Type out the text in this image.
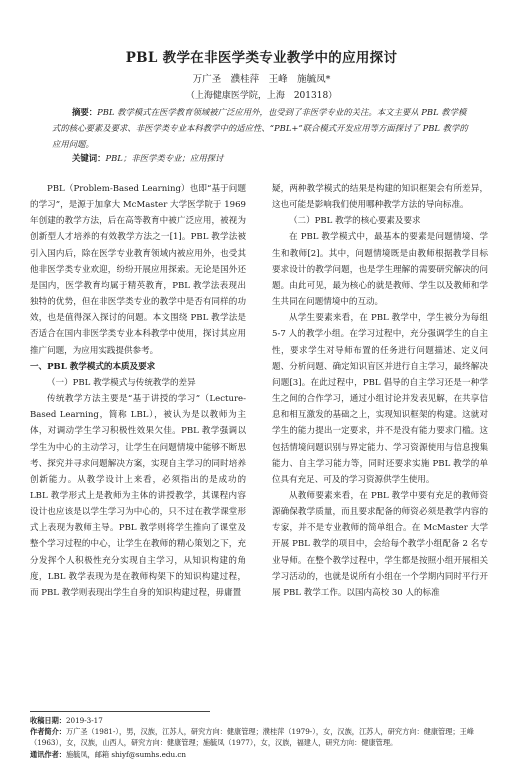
PBL 教学在非医学类专业教学中的应用探讨
万广圣　濮桂萍　王峰　施毓凤*
（上海健康医学院，上海　201318）
摘要：PBL 教学模式在医学教育领域被广泛应用外，也受到了非医学专业的关注。本文主要从 PBL 教学模式的核心要素及要求、非医学类专业本科教学中的适应性、“PBL+”联合模式开发应用等方面探讨了 PBL 教学的应用问题。
关键词：PBL；非医学类专业；应用探讨

PBL（Problem-Based Learning）也即“基于问题的学习”，是源于加拿大 McMaster 大学医学院于 1969 年创建的教学方法，后在高等教育中被广泛应用，被视为创新型人才培养的有效教学方法之一[1]。PBL 教学法被引入国内后，除在医学专业教育领域内被应用外，也受其他非医学类专业欢迎，纷纷开展应用探索。无论是国外还是国内，医学教育均属于精英教育，PBL 教学法表现出独特的优势，但在非医学类专业的教学中是否有同样的功效，也是值得深入探讨的问题。本文围绕 PBL 教学法是否适合在国内非医学类专业本科教学中使用，探讨其应用推广问题，为应用实践提供参考。

一、PBL 教学模式的本质及要求

（一）PBL 教学模式与传统教学的差异

传统教学方法主要是“基于讲授的学习”（Lecture-Based Learning，简称 LBL），被认为是以教师为主体，对调动学生学习积极性效果欠佳。PBL 教学强调以学生为中心的主动学习，让学生在问题情境中能够不断思考、探究并寻求问题解决方案，实现自主学习的同时培养创新能力。从教学设计上来看，必须指出的是成功的 LBL 教学形式上是教师为主体的讲授教学，其课程内容设计也应该是以学生学习为中心的，只不过在教学课堂形式上表现为教师主导。PBL 教学则将学生推向了课堂及整个学习过程的中心，让学生在教师的精心策划之下，充分发挥个人积极性充分实现自主学习，从知识构建的角度，LBL 教学表现为是在教师构架下的知识构建过程，而 PBL 教学则表现出学生自身的知识构建过程，毋庸置

疑，两种教学模式的结果是构建的知识框架会有所差异，这也可能是影响我们使用哪种教学方法的导向标准。

（二）PBL 教学的核心要素及要求

在 PBL 教学模式中，最基本的要素是问题情境、学生和教师[2]。其中，问题情境既是由教师根据教学目标要求设计的教学问题，也是学生理解的需要研究解决的问题。由此可见，最为核心的就是教师、学生以及教师和学生共同在问题情境中的互动。

从学生要素来看，在 PBL 教学中，学生被分为每组 5-7 人的教学小组。在学习过程中，充分强调学生的自主性，要求学生对导师布置的任务进行问题描述、定义问题、分析问题、确定知识盲区并进行自主学习，最终解决问题[3]。在此过程中，PBL 倡导的自主学习还是一种学生之间的合作学习，通过小组讨论并发表见解，在共享信息和相互激发的基础之上，实现知识框架的构建。这就对学生的能力提出一定要求，并不是没有能力要求门槛。这包括情境问题识别与界定能力、学习资源使用与信息搜集能力、自主学习能力等，同时还要求实施 PBL 教学的单位具有充足、可及的学习资源供学生使用。

从教师要素来看，在 PBL 教学中要有充足的教师资源确保教学质量，而且要求配备的师资必须是教学内容的专家，并不是专业教师的简单组合。在 McMaster 大学开展 PBL 教学的项目中，会给每个教学小组配备 2 名专业导师。在整个教学过程中，学生都是按照小组开展相关学习活动的，也就是说所有小组在一个学期内同时平行开展 PBL 教学工作。以国内高校 30 人的标准

收稿日期：2019-3-17
作者简介：万广圣（1981-），男，汉族，江苏人，研究方向：健康管理；濮桂萍（1979-），女，汉族，江苏人，研究方向：健康管理；王峰（1963），女，汉族，山西人，研究方向：健康管理；施毓凤（1977），女，汉族，福建人，研究方向：健康管理。
通讯作者：施毓凤，邮箱 shiyf@sumhs.edu.cn
